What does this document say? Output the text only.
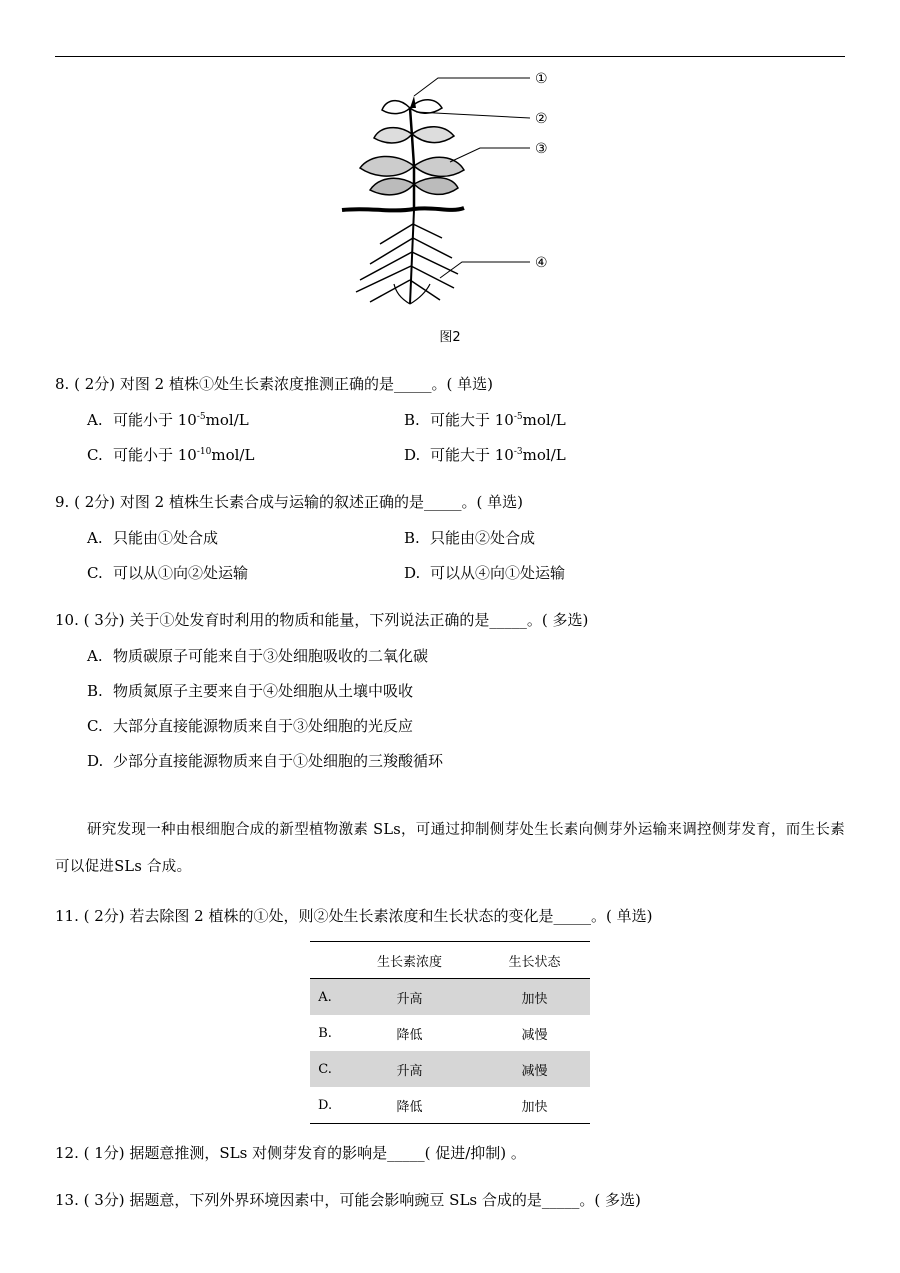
①
②
③
④
图2
8. ( 2分) 对图 2 植株①处生长素浓度推测正确的是_____。( 单选)
A. 可能小于 $10^{-5}mol/L$	B. 可能大于 $10^{-5}mol/L$
C. 可能小于 $10^{-10}mol/L$	D. 可能大于 $10^{-3}mol/L$
9. ( 2分) 对图 2 植株生长素合成与运输的叙述正确的是_____。( 单选)
A. 只能由①处合成	B. 只能由②处合成
C. 可以从①向②处运输	D. 可以从④向①处运输
10. ( 3分) 关于①处发育时利用的物质和能量，下列说法正确的是_____。( 多选)
A. 物质碳原子可能来自于③处细胞吸收的二氧化碳
B. 物质氮原子主要来自于④处细胞从土壤中吸收
C. 大部分直接能源物质来自于③处细胞的光反应
D. 少部分直接能源物质来自于①处细胞的三羧酸循环
研究发现一种由根细胞合成的新型植物激素 SLs，可通过抑制侧芽处生长素向侧芽外运输来调控侧芽发育，而生长素可以促进SLs 合成。
11. ( 2分) 若去除图 2 植株的①处，则②处生长素浓度和生长状态的变化是_____。( 单选)
	生长素浓度	生长状态
A.	升高	加快
B.	降低	减慢
C.	升高	减慢
D.	降低	加快
12. ( 1分) 据题意推测，SLs 对侧芽发育的影响是_____( 促进/抑制) 。
13. ( 3分) 据题意，下列外界环境因素中，可能会影响豌豆 SLs 合成的是_____。( 多选)
